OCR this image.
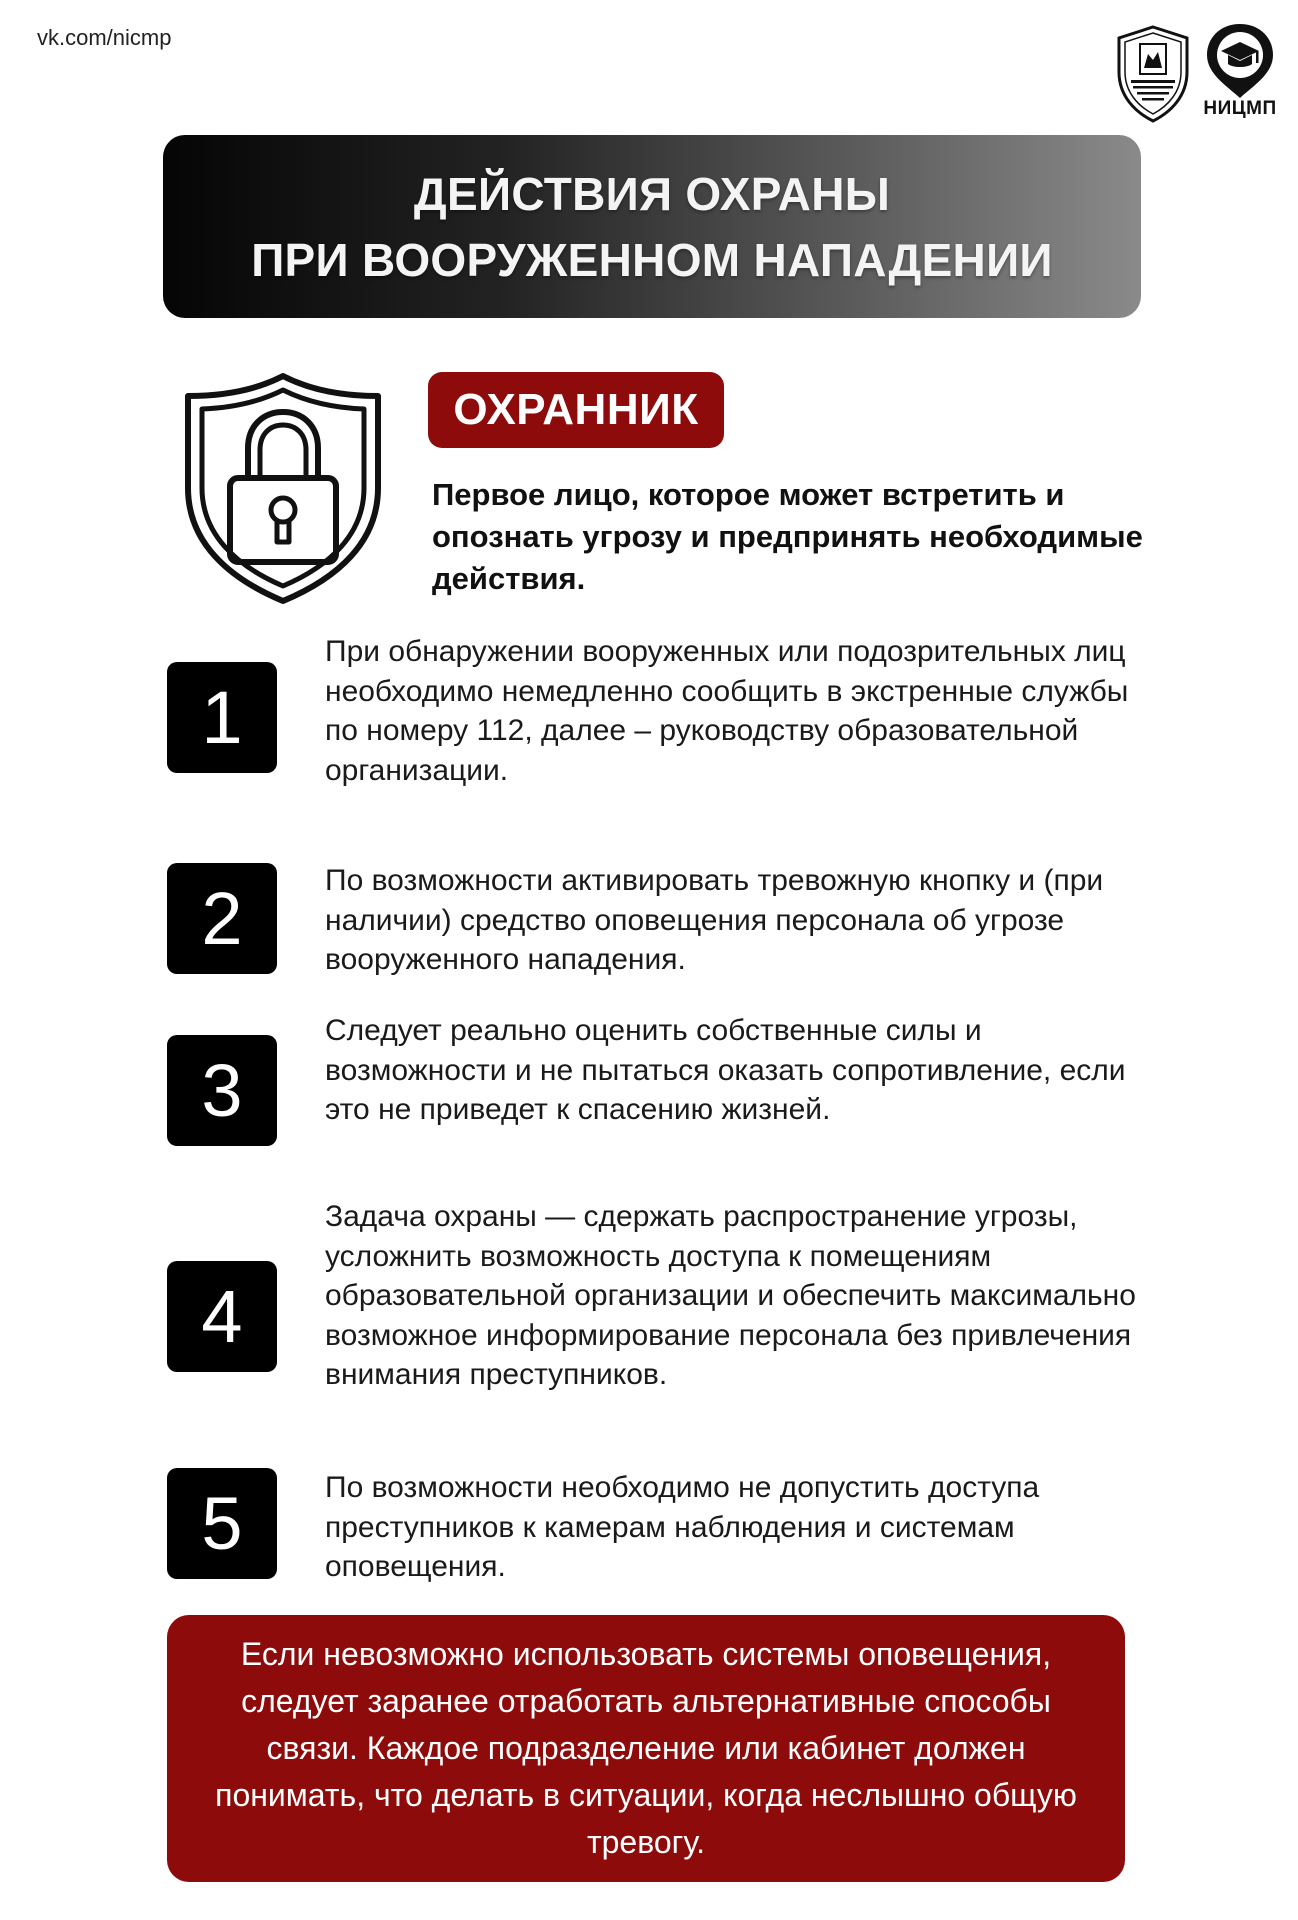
vk.com/nicmp
НИЦМП
ДЕЙСТВИЯ ОХРАНЫ
ПРИ ВООРУЖЕННОМ НАПАДЕНИИ
ОХРАННИК
Первое лицо, которое может встретить и опознать угрозу и предпринять необходимые действия.
1
При обнаружении вооруженных или подозрительных лиц необходимо немедленно сообщить в экстренные службы по номеру 112, далее – руководству образовательной организации.
2	По возможности активировать тревожную кнопку и (при наличии) средство оповещения персонала об угрозе вооруженного нападения.
3
Следует реально оценить собственные силы и возможности и не пытаться оказать сопротивление, если это не приведет к спасению жизней.
4
Задача охраны — сдержать распространение угрозы, усложнить возможность доступа к помещениям образовательной организации и обеспечить максимально возможное информирование персонала без привлечения внимания преступников.
5	По возможности необходимо не допустить доступа преступников к камерам наблюдения и системам оповещения.
Если невозможно использовать системы оповещения, следует заранее отработать альтернативные способы связи. Каждое подразделение или кабинет должен понимать, что делать в ситуации, когда неслышно общую тревогу.
